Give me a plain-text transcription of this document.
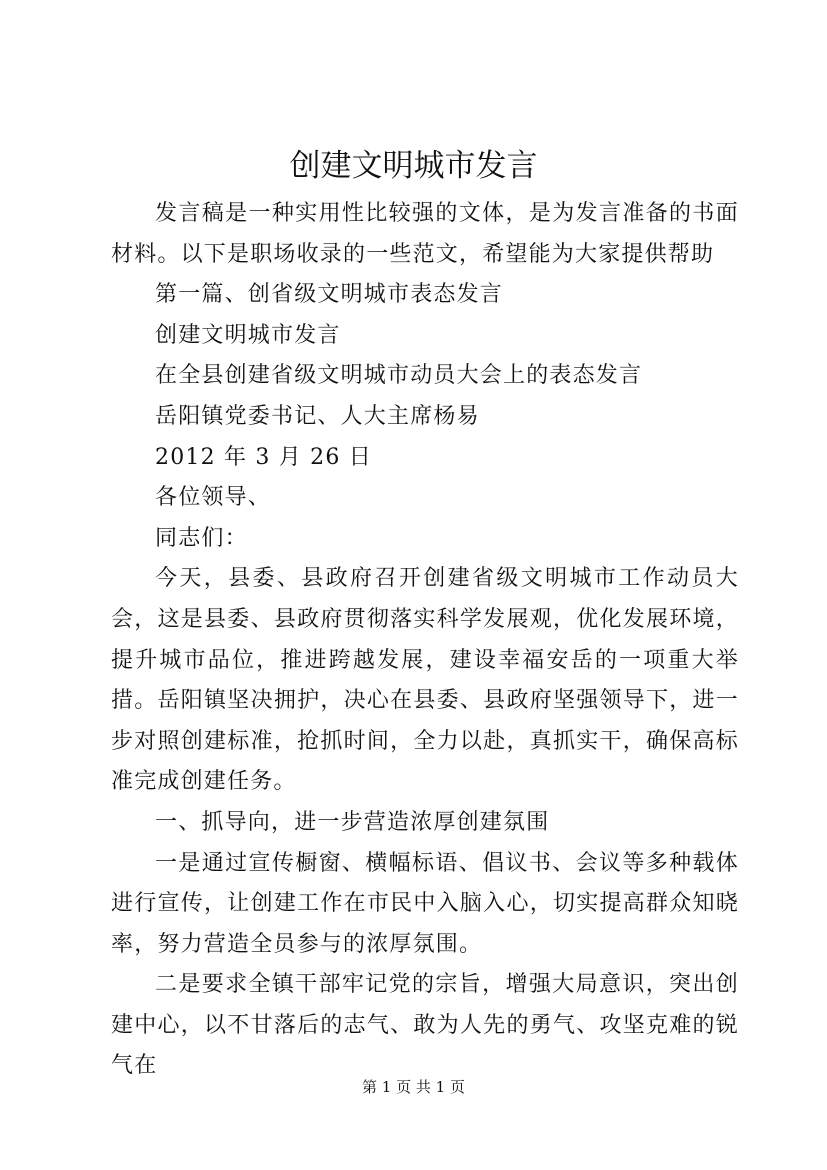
创建文明城市发言

发言稿是一种实用性比较强的文体，是为发言准备的书面材料。以下是职场收录的一些范文，希望能为大家提供帮助

第一篇、创省级文明城市表态发言

创建文明城市发言

在全县创建省级文明城市动员大会上的表态发言

岳阳镇党委书记、人大主席杨易

2012 年 3 月 26 日

各位领导、

同志们：

今天，县委、县政府召开创建省级文明城市工作动员大会，这是县委、县政府贯彻落实科学发展观，优化发展环境，提升城市品位，推进跨越发展，建设幸福安岳的一项重大举措。岳阳镇坚决拥护，决心在县委、县政府坚强领导下，进一步对照创建标准，抢抓时间，全力以赴，真抓实干，确保高标准完成创建任务。

一、抓导向，进一步营造浓厚创建氛围

一是通过宣传橱窗、横幅标语、倡议书、会议等多种载体进行宣传，让创建工作在市民中入脑入心，切实提高群众知晓率，努力营造全员参与的浓厚氛围。

二是要求全镇干部牢记党的宗旨，增强大局意识，突出创建中心，以不甘落后的志气、敢为人先的勇气、攻坚克难的锐气在

第 1 页 共 1 页
